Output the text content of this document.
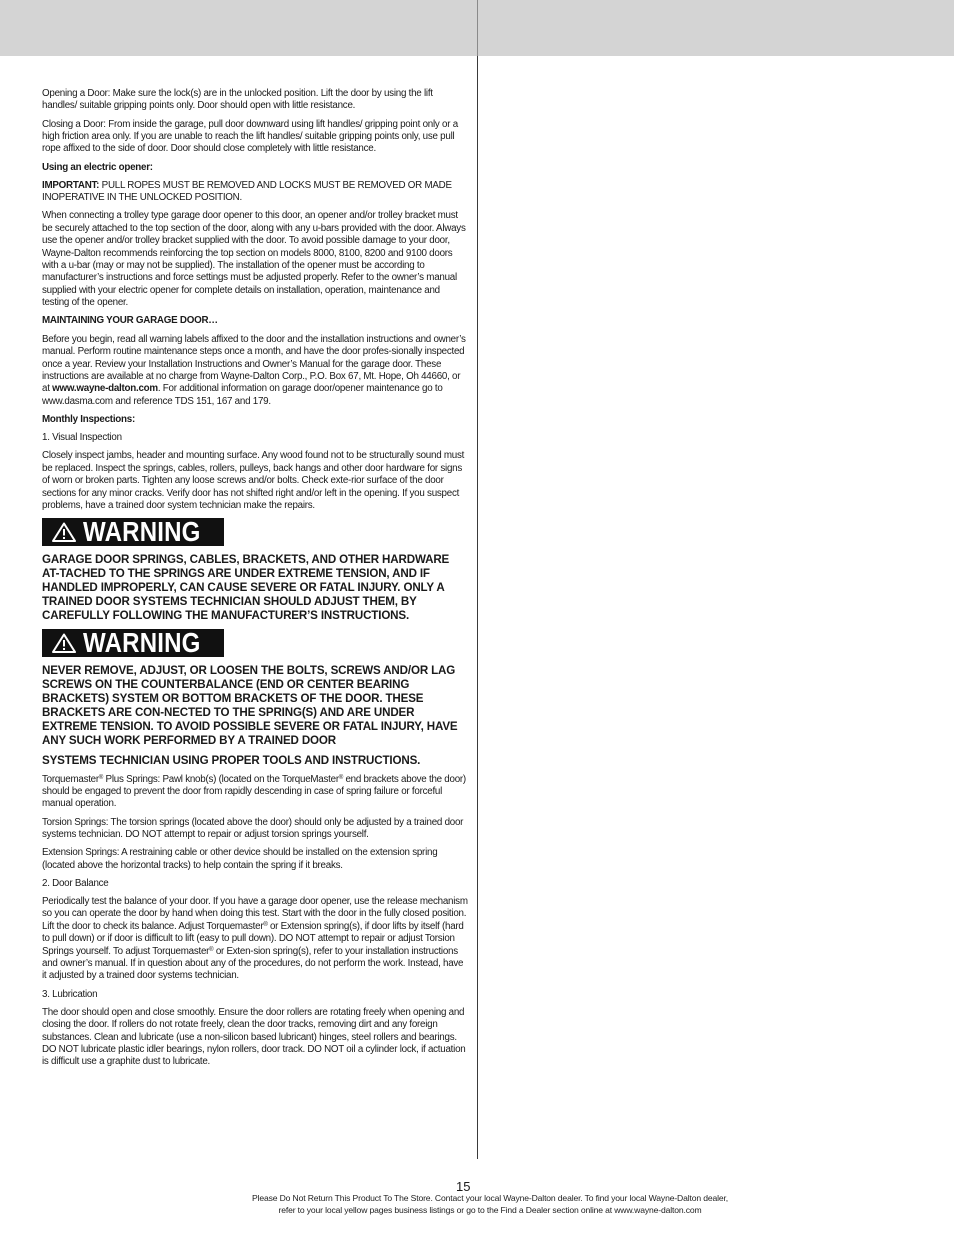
Opening a Door: Make sure the lock(s) are in the unlocked position. Lift the door by using the lift handles/ suitable gripping points only. Door should open with little resistance.

Closing a Door: From inside the garage, pull door downward using lift handles/ gripping point only or a high friction area only. If you are unable to reach the lift handles/ suitable gripping points only, use pull rope affixed to the side of door. Door should close completely with little resistance.

Using an electric opener:

IMPORTANT: PULL ROPES MUST BE REMOVED AND LOCKS MUST BE REMOVED OR MADE INOPERATIVE IN THE UNLOCKED POSITION.

When connecting a trolley type garage door opener to this door, an opener and/or trolley bracket must be securely attached to the top section of the door, along with any u-bars provided with the door. Always use the opener and/or trolley bracket supplied with the door. To avoid possible damage to your door, Wayne-Dalton recommends reinforcing the top section on models 8000, 8100, 8200 and 9100 doors with a u-bar (may or may not be supplied). The installation of the opener must be according to manufacturer’s instructions and force settings must be adjusted properly. Refer to the owner’s manual supplied with your electric opener for complete details on installation, operation, maintenance and testing of the opener.

MAINTAINING YOUR GARAGE DOOR…

Before you begin, read all warning labels affixed to the door and the installation instructions and owner’s manual. Perform routine maintenance steps once a month, and have the door profes-sionally inspected once a year. Review your Installation Instructions and Owner’s Manual for the garage door. These instructions are available at no charge from Wayne-Dalton Corp., P.O. Box 67, Mt. Hope, Oh 44660, or at www.wayne-dalton.com. For additional information on garage door/opener maintenance go to www.dasma.com and reference TDS 151, 167 and 179.

Monthly Inspections:

1. Visual Inspection

Closely inspect jambs, header and mounting surface. Any wood found not to be structurally sound must be replaced. Inspect the springs, cables, rollers, pulleys, back hangs and other door hardware for signs of worn or broken parts. Tighten any loose screws and/or bolts. Check exte-rior surface of the door sections for any minor cracks. Verify door has not shifted right and/or left in the opening. If you suspect problems, have a trained door system technician make the repairs.

WARNING

GARAGE DOOR SPRINGS, CABLES, BRACKETS, AND OTHER HARDWARE AT-TACHED TO THE SPRINGS ARE UNDER EXTREME TENSION, AND IF HANDLED IMPROPERLY, CAN CAUSE SEVERE OR FATAL INJURY. ONLY A TRAINED DOOR SYSTEMS TECHNICIAN SHOULD ADJUST THEM, BY CAREFULLY FOLLOWING THE MANUFACTURER’S INSTRUCTIONS.

WARNING

NEVER REMOVE, ADJUST, OR LOOSEN THE BOLTS, SCREWS AND/OR LAG SCREWS ON THE COUNTERBALANCE (END OR CENTER BEARING BRACKETS) SYSTEM OR BOTTOM BRACKETS OF THE DOOR. THESE BRACKETS ARE CON-NECTED TO THE SPRING(S) AND ARE UNDER EXTREME TENSION. TO AVOID POSSIBLE SEVERE OR FATAL INJURY, HAVE ANY SUCH WORK PERFORMED BY A TRAINED DOOR

SYSTEMS TECHNICIAN USING PROPER TOOLS AND INSTRUCTIONS.

Torquemaster® Plus Springs: Pawl knob(s) (located on the TorqueMaster® end brackets above the door) should be engaged to prevent the door from rapidly descending in case of spring failure or forceful manual operation.

Torsion Springs: The torsion springs (located above the door) should only be adjusted by a trained door systems technician. DO NOT attempt to repair or adjust torsion springs yourself.

Extension Springs: A restraining cable or other device should be installed on the extension spring (located above the horizontal tracks) to help contain the spring if it breaks.

2. Door Balance

Periodically test the balance of your door. If you have a garage door opener, use the release mechanism so you can operate the door by hand when doing this test. Start with the door in the fully closed position. Lift the door to check its balance. Adjust Torquemaster® or Extension spring(s), if door lifts by itself (hard to pull down) or if door is difficult to lift (easy to pull down). DO NOT attempt to repair or adjust Torsion Springs yourself. To adjust Torquemaster® or Exten-sion spring(s), refer to your installation instructions and owner’s manual. If in question about any of the procedures, do not perform the work. Instead, have it adjusted by a trained door systems technician.

3. Lubrication

The door should open and close smoothly. Ensure the door rollers are rotating freely when opening and closing the door. If rollers do not rotate freely, clean the door tracks, removing dirt and any foreign substances. Clean and lubricate (use a non-silicon based lubricant) hinges, steel rollers and bearings. DO NOT lubricate plastic idler bearings, nylon rollers, door track. DO NOT oil a cylinder lock, if actuation is difficult use a graphite dust to lubricate.

15
Please Do Not Return This Product To The Store. Contact your local Wayne-Dalton dealer. To find your local Wayne-Dalton dealer,
refer to your local yellow pages business listings or go to the Find a Dealer section online at www.wayne-dalton.com
